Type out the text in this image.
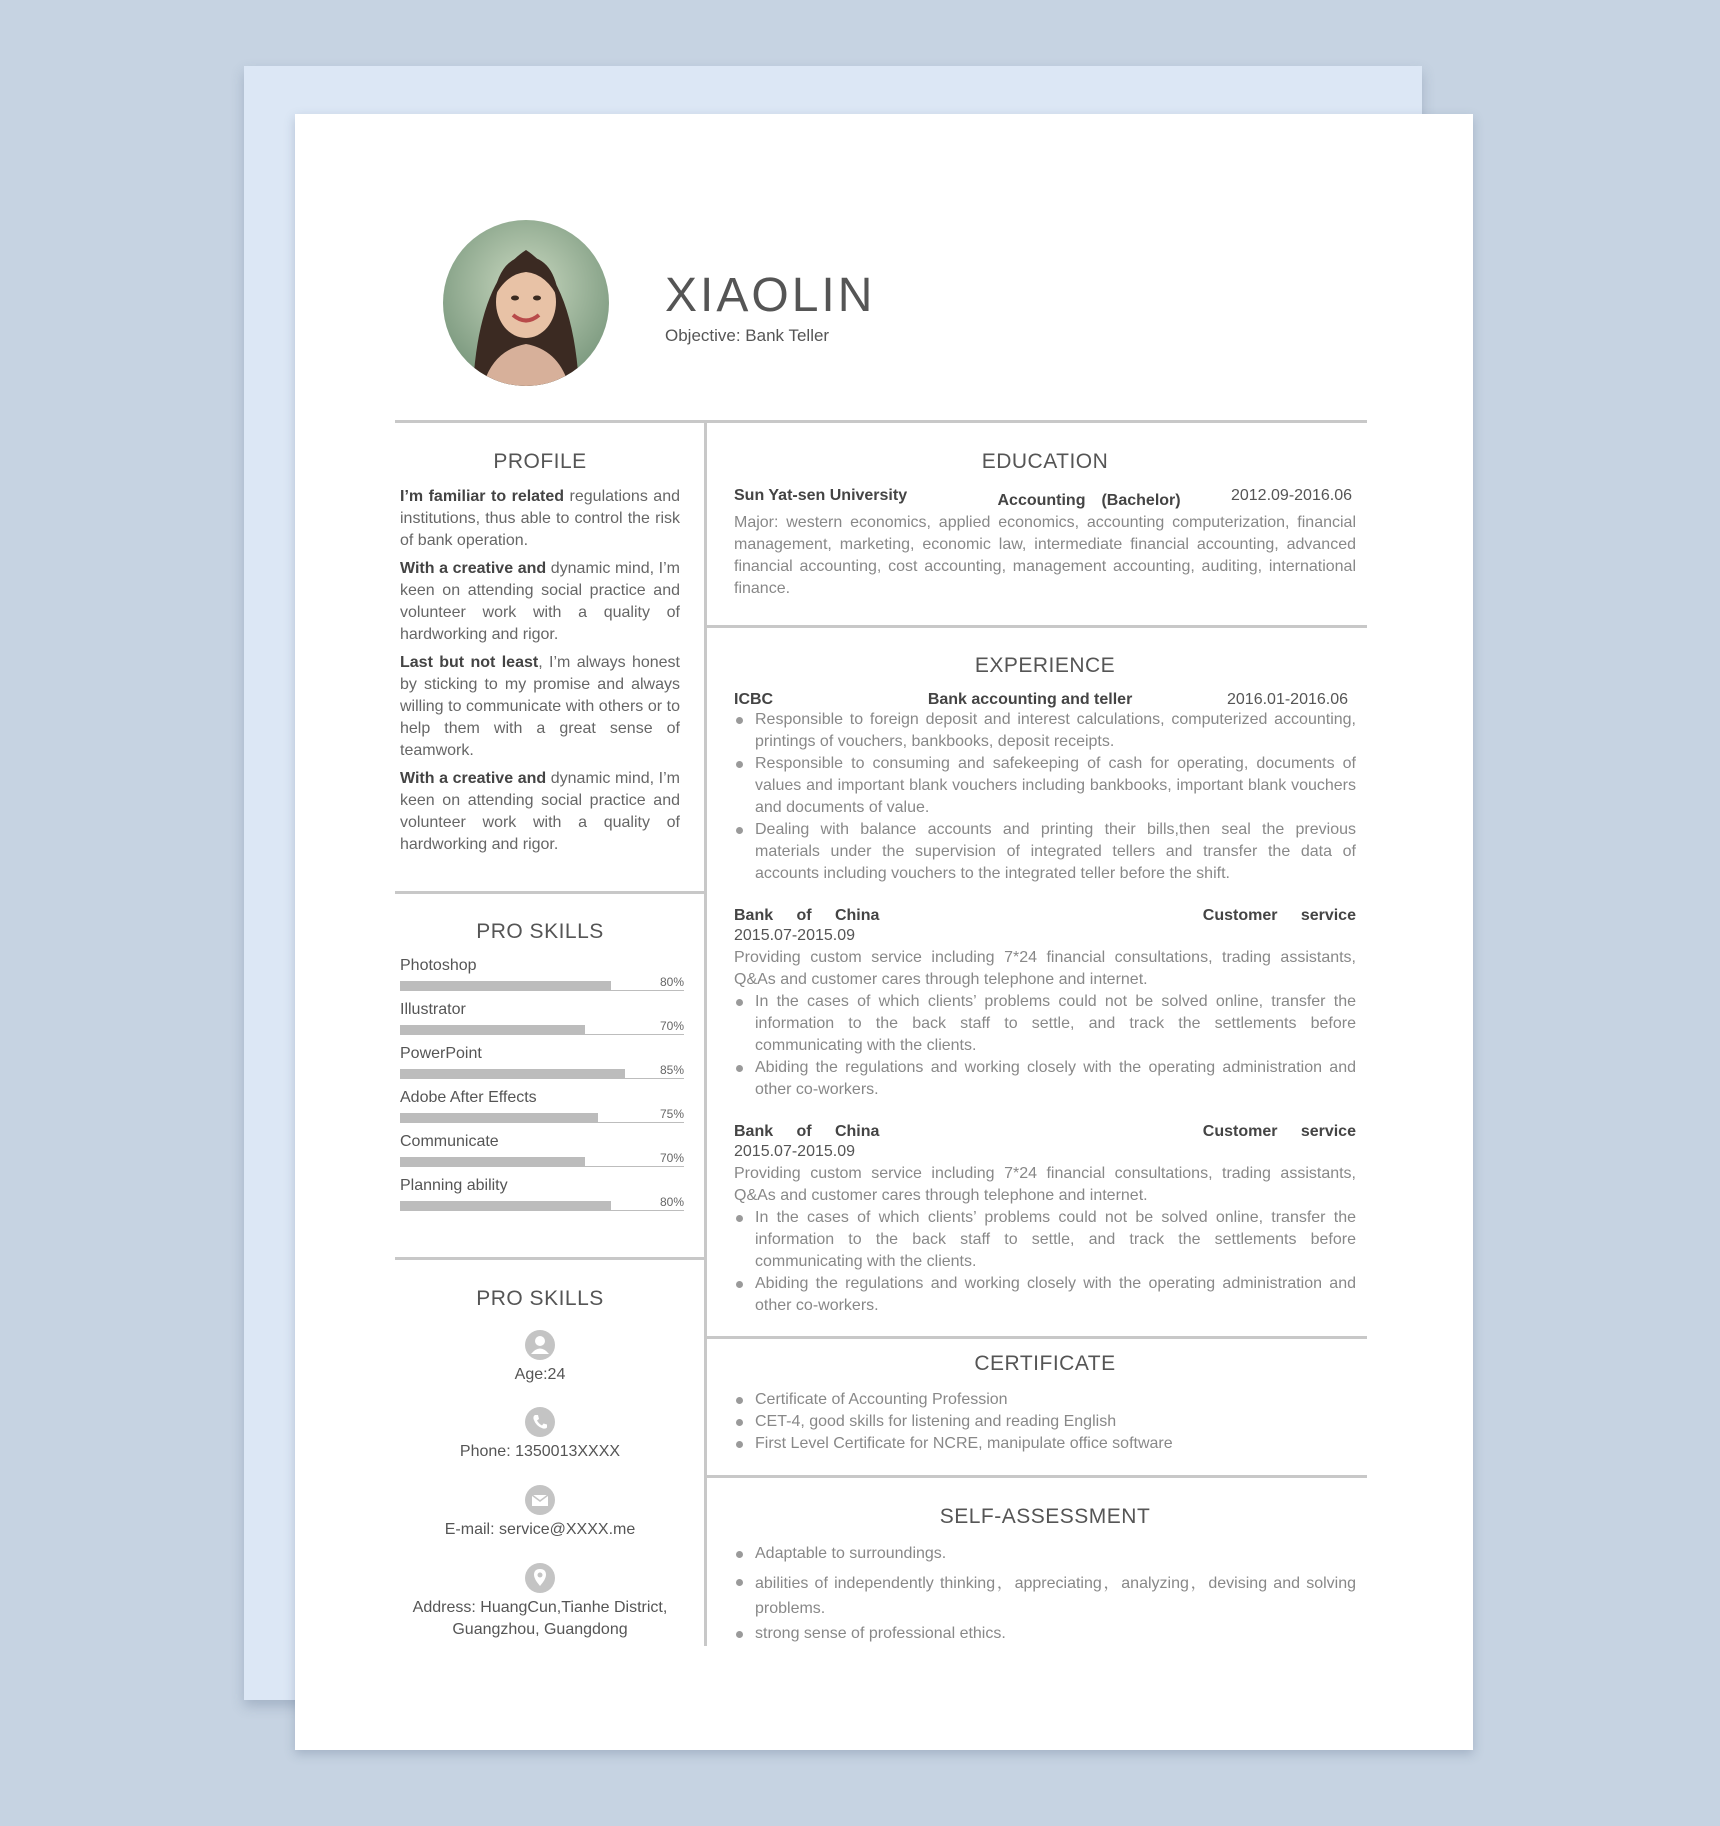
XIAOLIN
Objective: Bank Teller
PROFILE

I’m familiar to related regulations and institutions, thus able to control the risk of bank operation.

With a creative and dynamic mind, I’m keen on attending social practice and volunteer work with a quality of hardworking and rigor.

Last but not least, I’m always honest by sticking to my promise and always willing to communicate with others or to help them with a great sense of teamwork.

With a creative and dynamic mind, I’m keen on attending social practice and volunteer work with a quality of hardworking and rigor.

PRO SKILLS
Photoshop
80%
Illustrator
70%
PowerPoint
85%
Adobe After Effects
75%
Communicate
70%
Planning ability
80%
PRO SKILLS
Age:24
Phone: 1350013XXXX
E-mail: service@XXXX.me
Address: HuangCun,Tianhe District,
Guangzhou, Guangdong
EDUCATION
Sun Yat-sen University	Accounting　(Bachelor)	2012.09-2016.06
Major: western economics, applied economics, accounting computerization, financial management, marketing, economic law, intermediate financial accounting, advanced financial accounting, cost accounting, management accounting, auditing, international finance.
EXPERIENCE
ICBC	Bank accounting and teller	2016.01-2016.06
Responsible to foreign deposit and interest calculations, computerized accounting, printings of vouchers, bankbooks, deposit receipts.
Responsible to consuming and safekeeping of cash for operating, documents of values and important blank vouchers including bankbooks, important blank vouchers and documents of value.
Dealing with balance accounts and printing their bills,then seal the previous materials under the supervision of integrated tellers and transfer the data of accounts including vouchers to the integrated teller before the shift.
Bank of China	Customer service
2015.07-2015.09
Providing custom service including 7*24 financial consultations, trading assistants, Q&As and customer cares through telephone and internet.
In the cases of which clients’ problems could not be solved online, transfer the information to the back staff to settle, and track the settlements before communicating with the clients.
Abiding the regulations and working closely with the operating administration and other co-workers.
Bank of China	Customer service
2015.07-2015.09
Providing custom service including 7*24 financial consultations, trading assistants, Q&As and customer cares through telephone and internet.
In the cases of which clients’ problems could not be solved online, transfer the information to the back staff to settle, and track the settlements before communicating with the clients.
Abiding the regulations and working closely with the operating administration and other co-workers.
CERTIFICATE
Certificate of Accounting Profession
CET-4, good skills for listening and reading English
First Level Certificate for NCRE, manipulate office software
SELF-ASSESSMENT
Adaptable to surroundings.
abilities of independently thinking，appreciating，analyzing，devising and solving problems.
strong sense of professional ethics.
